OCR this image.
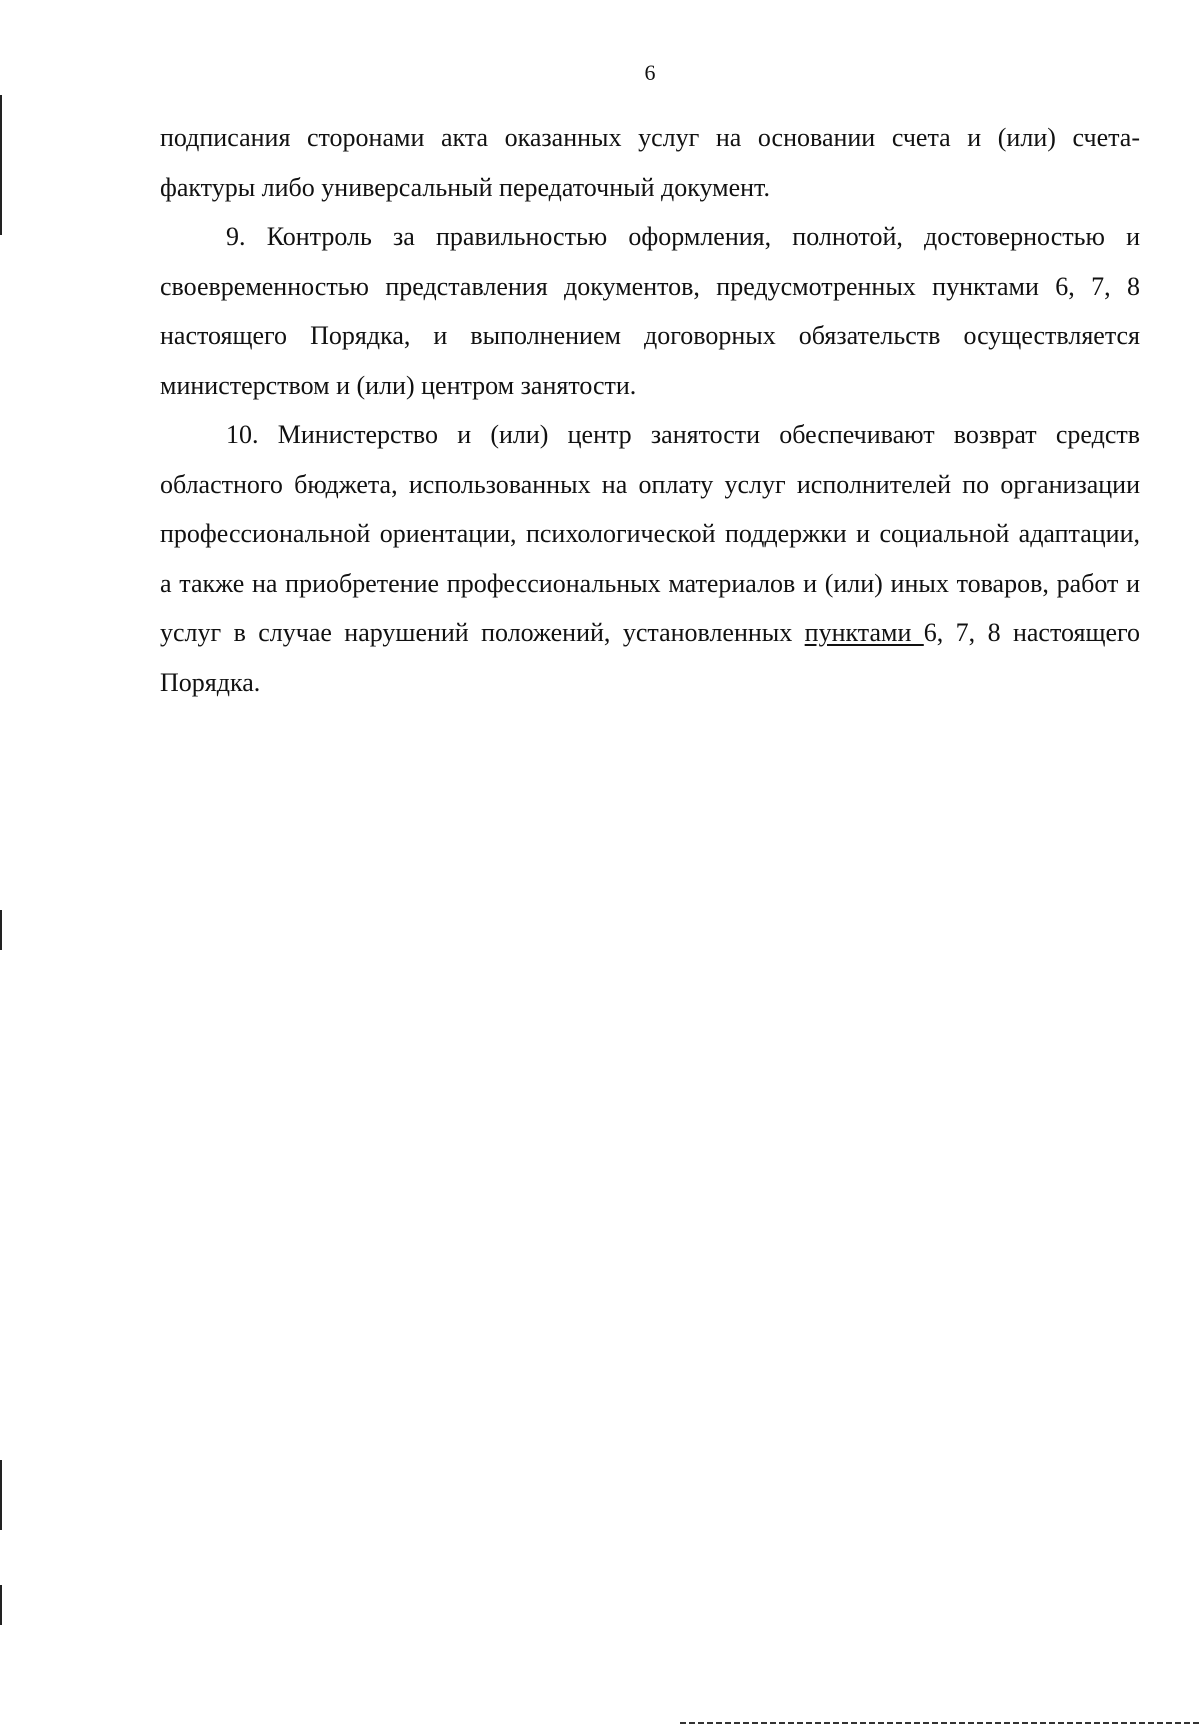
6

подписания сторонами акта оказанных услуг на основании счета и (или) счета- фактуры либо универсальный передаточный документ.

9. Контроль за правильностью оформления, полнотой, достоверностью и своевременностью представления документов, предусмотренных пунктами 6, 7, 8 настоящего Порядка, и выполнением договорных обязательств осуществляется министерством и (или) центром занятости.

10. Министерство и (или) центр занятости обеспечивают возврат средств областного бюджета, использованных на оплату услуг исполнителей по организации профессиональной ориентации, психологической поддержки и социальной адаптации, а также на приобретение профессиональных материалов и (или) иных товаров, работ и услуг в случае нарушений положений, установленных пунктами 6, 7, 8 настоящего Порядка.
